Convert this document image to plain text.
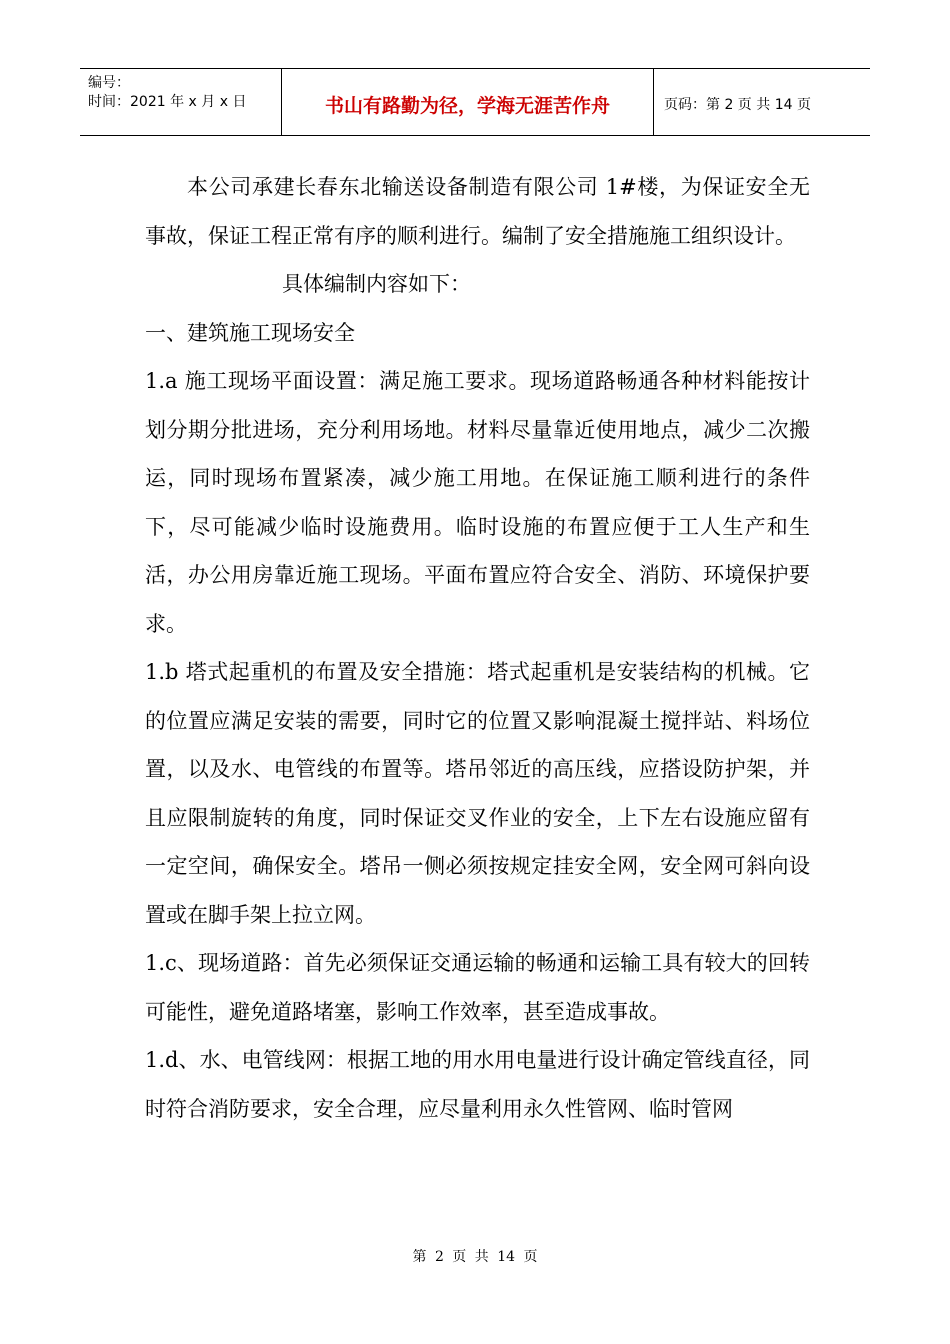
编号：
时间：2021 年 x 月 x 日	书山有路勤为径，学海无涯苦作舟	页码：第 2 页 共 14 页

本公司承建长春东北输送设备制造有限公司 1#楼，为保证安全无事故，保证工程正常有序的顺利进行。编制了安全措施施工组织设计。

具体编制内容如下：

一、建筑施工现场安全

1.a 施工现场平面设置：满足施工要求。现场道路畅通各种材料能按计划分期分批进场，充分利用场地。材料尽量靠近使用地点，减少二次搬运，同时现场布置紧凑，减少施工用地。在保证施工顺利进行的条件下，尽可能减少临时设施费用。临时设施的布置应便于工人生产和生活，办公用房靠近施工现场。平面布置应符合安全、消防、环境保护要求。

1.b 塔式起重机的布置及安全措施：塔式起重机是安装结构的机械。它的位置应满足安装的需要，同时它的位置又影响混凝土搅拌站、料场位置，以及水、电管线的布置等。塔吊邻近的高压线，应搭设防护架，并且应限制旋转的角度，同时保证交叉作业的安全，上下左右设施应留有一定空间，确保安全。塔吊一侧必须按规定挂安全网，安全网可斜向设置或在脚手架上拉立网。

1.c、现场道路：首先必须保证交通运输的畅通和运输工具有较大的回转可能性，避免道路堵塞，影响工作效率，甚至造成事故。

1.d、水、电管线网：根据工地的用水用电量进行设计确定管线直径，同时符合消防要求，安全合理，应尽量利用永久性管网、临时管网

第 2 页 共 14 页
